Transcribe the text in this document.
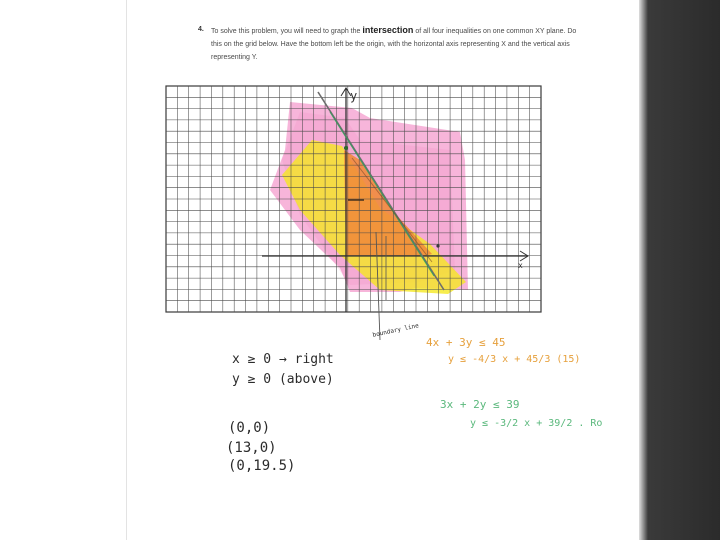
4. To solve this problem, you will need to graph the intersection of all four inequalities on one common XY plane. Do this on the grid below. Have the bottom left be the origin, with the horizontal axis representing X and the vertical axis representing Y.

y
x
boundary line
x ≥ 0 → right
y ≥ 0 (above)
(0,0)
(13,0)
(0,19.5)
4x + 3y ≤ 45
y ≤ -4/3 x + 45/3 (15)
3x + 2y ≤ 39
y ≤ -3/2 x + 39/2 . Ro
